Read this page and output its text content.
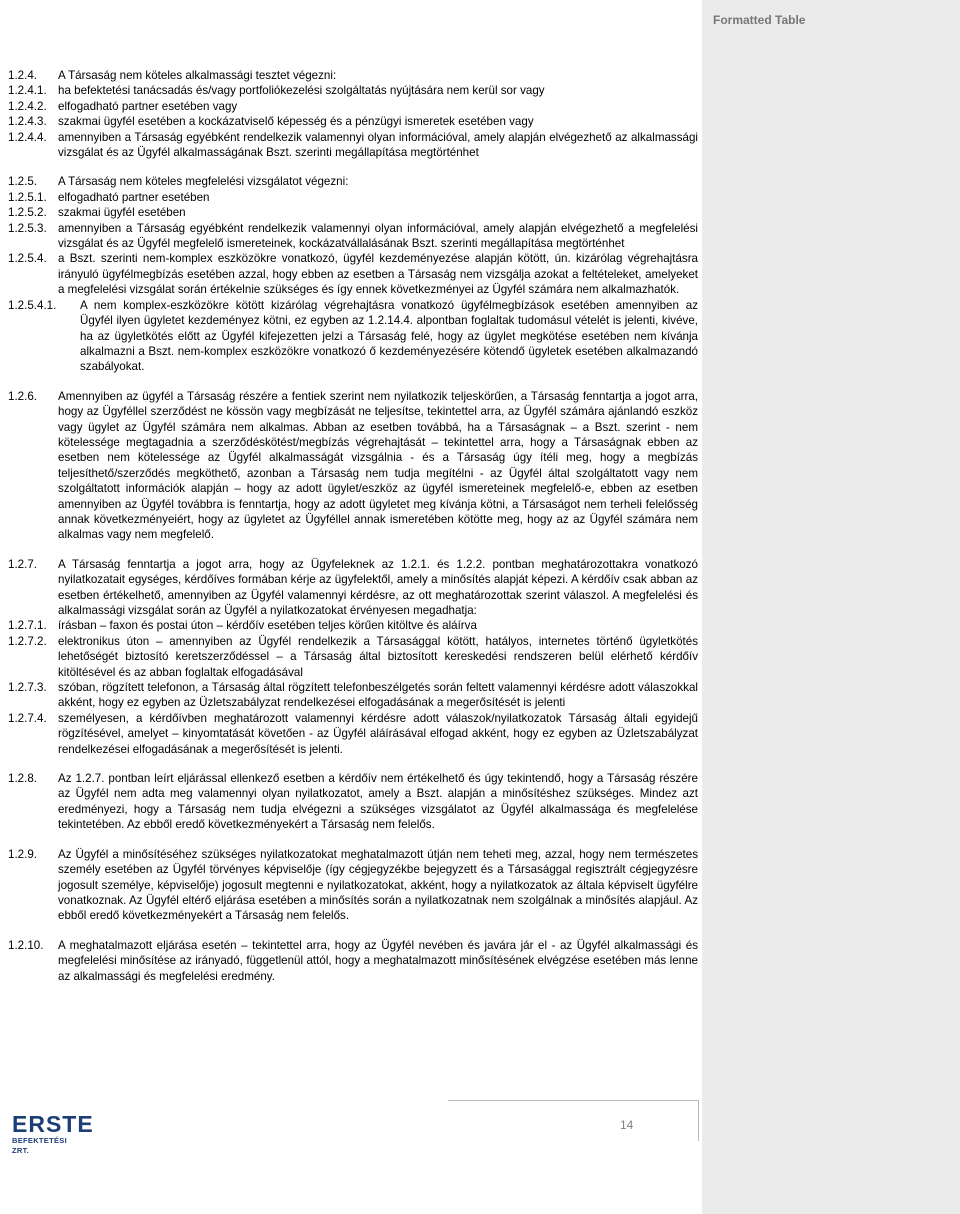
Formatted Table
1.2.4.	A Társaság nem köteles alkalmassági tesztet végezni:
1.2.4.1. ha befektetési tanácsadás és/vagy portfoliókezelési szolgáltatás nyújtására nem kerül sor vagy
1.2.4.2. elfogadható partner esetében vagy
1.2.4.3. szakmai ügyfél esetében a kockázatviselő képesség és a pénzügyi ismeretek esetében vagy
1.2.4.4. amennyiben a Társaság egyébként rendelkezik valamennyi olyan információval, amely alapján elvégezhető az alkalmassági vizsgálat és az Ügyfél alkalmasságának Bszt. szerinti megállapítása megtörténhet
1.2.5.	A Társaság nem köteles megfelelési vizsgálatot végezni:
1.2.5.1. elfogadható partner esetében
1.2.5.2. szakmai ügyfél esetében
1.2.5.3. amennyiben a Társaság egyébként rendelkezik valamennyi olyan információval, amely alapján elvégezhető a megfelelési vizsgálat és az Ügyfél megfelelő ismereteinek, kockázatvállalásának Bszt. szerinti megállapítása megtörténhet
1.2.5.4. a Bszt. szerinti nem-komplex eszközökre vonatkozó, ügyfél kezdeményezése alapján kötött, ún. kizárólag végrehajtásra irányuló ügyfélmegbízás esetében azzal, hogy ebben az esetben a Társaság nem vizsgálja azokat a feltételeket, amelyeket a megfelelési vizsgálat során értékelnie szükséges és így ennek következményei az Ügyfél számára nem alkalmazhatók.
1.2.5.4.1.	A nem komplex-eszközökre kötött kizárólag végrehajtásra vonatkozó ügyfélmegbízások esetében amennyiben az Ügyfél ilyen ügyletet kezdeményez kötni, ez egyben az 1.2.14.4. alpontban foglaltak tudomásul vételét is jelenti, kivéve, ha az ügyletkötés előtt az Ügyfél kifejezetten jelzi a Társaság felé, hogy az ügylet megkötése esetében nem kívánja alkalmazni a Bszt. nem-komplex eszközökre vonatkozó ő kezdeményezésére kötendő ügyletek esetében alkalmazandó szabályokat.
1.2.6.	Amennyiben az ügyfél a Társaság részére a fentiek szerint nem nyilatkozik teljeskörűen, a Társaság fenntartja a jogot arra, hogy az Ügyféllel szerződést ne kössön vagy megbízását ne teljesítse, tekintettel arra, az Ügyfél számára ajánlandó eszköz vagy ügylet az Ügyfél számára nem alkalmas. Abban az esetben továbbá, ha a Társaságnak – a Bszt. szerint - nem kötelessége megtagadnia a szerződéskötést/megbízás végrehajtását – tekintettel arra, hogy a Társaságnak ebben az esetben nem kötelessége az Ügyfél alkalmasságát vizsgálnia - és a Társaság úgy ítéli meg, hogy a megbízás teljesíthető/szerződés megköthető, azonban a Társaság nem tudja megítélni - az Ügyfél által szolgáltatott vagy nem szolgáltatott információk alapján – hogy az adott ügylet/eszköz az ügyfél ismereteinek megfelelő-e, ebben az esetben amennyiben az Ügyfél továbbra is fenntartja, hogy az adott ügyletet meg kívánja kötni, a Társaságot nem terheli felelősség annak következményeiért, hogy az ügyletet az Ügyféllel annak ismeretében kötötte meg, hogy az az Ügyfél számára nem alkalmas vagy nem megfelelő.
1.2.7.	A Társaság fenntartja a jogot arra, hogy az Ügyfeleknek az 1.2.1. és 1.2.2. pontban meghatározottakra vonatkozó nyilatkozatait egységes, kérdőíves formában kérje az ügyfelektől, amely a minősítés alapját képezi. A kérdőív csak abban az esetben értékelhető, amennyiben az Ügyfél valamennyi kérdésre, az ott meghatározottak szerint válaszol. A megfelelési és alkalmassági vizsgálat során az Ügyfél a nyilatkozatokat érvényesen megadhatja:
1.2.7.1. írásban – faxon és postai úton – kérdőív esetében teljes körűen kitöltve és aláírva
1.2.7.2. elektronikus úton – amennyiben az Ügyfél rendelkezik a Társasággal kötött, hatályos, internetes történő ügyletkötés lehetőségét biztosító keretszerződéssel – a Társaság által biztosított kereskedési rendszeren belül elérhető kérdőív kitöltésével és az abban foglaltak elfogadásával
1.2.7.3. szóban, rögzített telefonon, a Társaság által rögzített telefonbeszélgetés során feltett valamennyi kérdésre adott válaszokkal akként, hogy ez egyben az Üzletszabályzat rendelkezései elfogadásának a megerősítését is jelenti
1.2.7.4. személyesen, a kérdőívben meghatározott valamennyi kérdésre adott válaszok/nyilatkozatok Társaság általi egyidejű rögzítésével, amelyet – kinyomtatását követően - az Ügyfél aláírásával elfogad akként, hogy ez egyben az Üzletszabályzat rendelkezései elfogadásának a megerősítését is jelenti.
1.2.8.	Az 1.2.7. pontban leírt eljárással ellenkező esetben a kérdőív nem értékelhető és úgy tekintendő, hogy a Társaság részére az Ügyfél nem adta meg valamennyi olyan nyilatkozatot, amely a Bszt. alapján a minősítéshez szükséges. Mindez azt eredményezi, hogy a Társaság nem tudja elvégezni a szükséges vizsgálatot az Ügyfél alkalmassága és megfelelése tekintetében. Az ebből eredő következményekért a Társaság nem felelős.
1.2.9.	Az Ügyfél a minősítéséhez szükséges nyilatkozatokat meghatalmazott útján nem teheti meg, azzal, hogy nem természetes személy esetében az Ügyfél törvényes képviselője (így cégjegyzékbe bejegyzett és a Társasággal regisztrált cégjegyzésre jogosult személye, képviselője) jogosult megtenni e nyilatkozatokat, akként, hogy a nyilatkozatok az általa képviselt ügyfélre vonatkoznak. Az Ügyfél eltérő eljárása esetében a minősítés során a nyilatkozatnak nem szolgálnak a minősítés alapjául. Az ebből eredő következményekért a Társaság nem felelős.
1.2.10.	A meghatalmazott eljárása esetén – tekintettel arra, hogy az Ügyfél nevében és javára jár el - az Ügyfél alkalmassági és megfelelési minősítése az irányadó, függetlenül attól, hogy a meghatalmazott minősítésének elvégzése esetében más lenne az alkalmassági és megfelelési eredmény.
ERSTE
BEFEKTETÉSI ZRT.
14
